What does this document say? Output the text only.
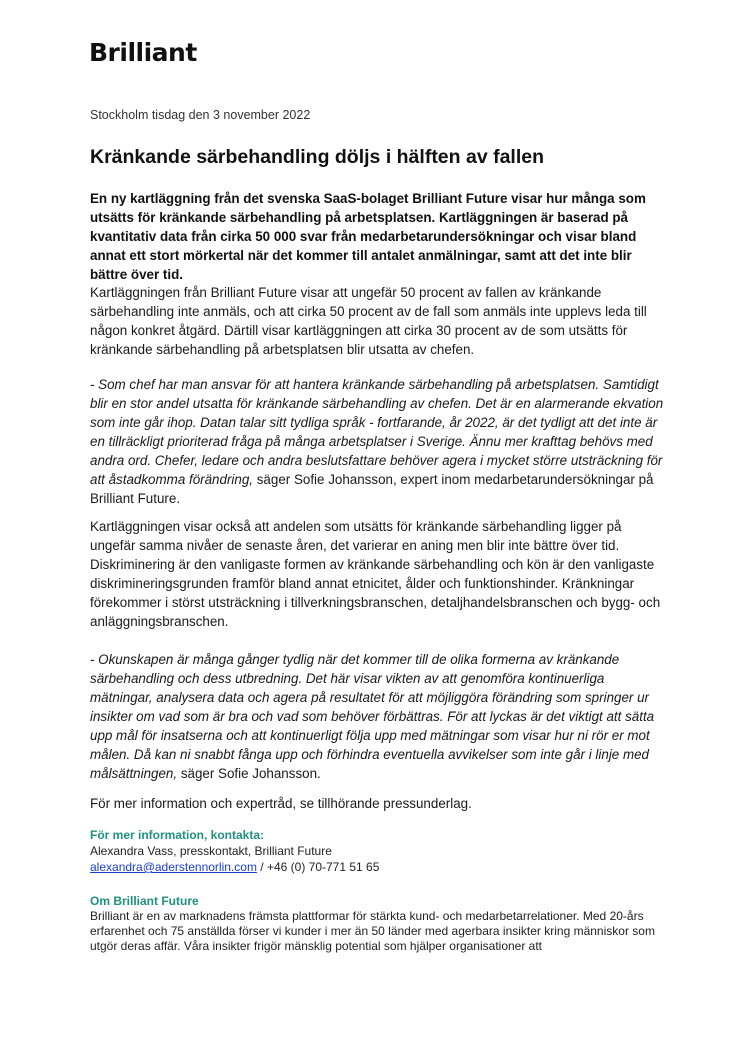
Brilliant
Stockholm tisdag den 3 november 2022
Kränkande särbehandling döljs i hälften av fallen

En ny kartläggning från det svenska SaaS-bolaget Brilliant Future visar hur många som utsätts för kränkande särbehandling på arbetsplatsen. Kartläggningen är baserad på kvantitativ data från cirka 50 000 svar från medarbetarundersökningar och visar bland annat ett stort mörkertal när det kommer till antalet anmälningar, samt att det inte blir bättre över tid.

Kartläggningen från Brilliant Future visar att ungefär 50 procent av fallen av kränkande särbehandling inte anmäls, och att cirka 50 procent av de fall som anmäls inte upplevs leda till någon konkret åtgärd. Därtill visar kartläggningen att cirka 30 procent av de som utsätts för kränkande särbehandling på arbetsplatsen blir utsatta av chefen.

- Som chef har man ansvar för att hantera kränkande särbehandling på arbetsplatsen. Samtidigt blir en stor andel utsatta för kränkande särbehandling av chefen. Det är en alarmerande ekvation som inte går ihop. Datan talar sitt tydliga språk - fortfarande, år 2022, är det tydligt att det inte är en tillräckligt prioriterad fråga på många arbetsplatser i Sverige. Ännu mer krafttag behövs med andra ord. Chefer, ledare och andra beslutsfattare behöver agera i mycket större utsträckning för att åstadkomma förändring, säger Sofie Johansson, expert inom medarbetarundersökningar på Brilliant Future.

Kartläggningen visar också att andelen som utsätts för kränkande särbehandling ligger på ungefär samma nivåer de senaste åren, det varierar en aning men blir inte bättre över tid. Diskriminering är den vanligaste formen av kränkande särbehandling och kön är den vanligaste diskrimineringsgrunden framför bland annat etnicitet, ålder och funktionshinder. Kränkningar förekommer i störst utsträckning i tillverkningsbranschen, detaljhandelsbranschen och bygg- och anläggningsbranschen.

- Okunskapen är många gånger tydlig när det kommer till de olika formerna av kränkande särbehandling och dess utbredning. Det här visar vikten av att genomföra kontinuerliga mätningar, analysera data och agera på resultatet för att möjliggöra förändring som springer ur insikter om vad som är bra och vad som behöver förbättras. För att lyckas är det viktigt att sätta upp mål för insatserna och att kontinuerligt följa upp med mätningar som visar hur ni rör er mot målen. Då kan ni snabbt fånga upp och förhindra eventuella avvikelser som inte går i linje med målsättningen, säger Sofie Johansson.

För mer information och expertråd, se tillhörande pressunderlag.

För mer information, kontakta:
Alexandra Vass, presskontakt, Brilliant Future
alexandra@aderstennorlin.com / +46 (0) 70-771 51 65
Om Brilliant Future
Brilliant är en av marknadens främsta plattformar för stärkta kund- och medarbetarrelationer. Med 20-års erfarenhet och 75 anställda förser vi kunder i mer än 50 länder med agerbara insikter kring människor som utgör deras affär. Våra insikter frigör mänsklig potential som hjälper organisationer att
